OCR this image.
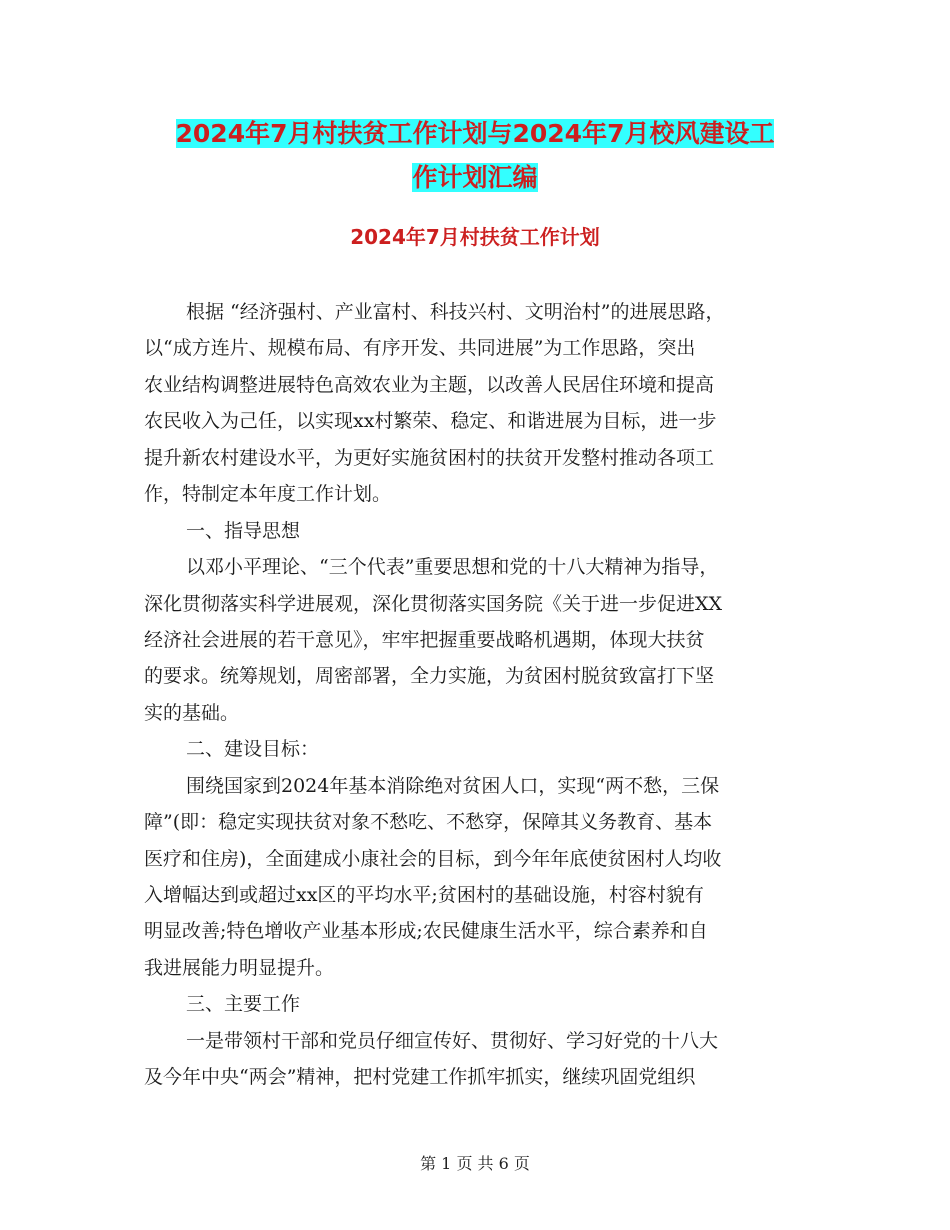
2024年7月村扶贫工作计划与2024年7月校风建设工
作计划汇编
2024年7月村扶贫工作计划
根据 “经济强村、产业富村、科技兴村、文明治村”的进展思路，
以“成方连片、规模布局、有序开发、共同进展”为工作思路，突出
农业结构调整进展特色高效农业为主题，以改善人民居住环境和提高
农民收入为己任，以实现xx村繁荣、稳定、和谐进展为目标，进一步
提升新农村建设水平，为更好实施贫困村的扶贫开发整村推动各项工
作，特制定本年度工作计划。
一、指导思想
以邓小平理论、“三个代表”重要思想和党的十八大精神为指导，
深化贯彻落实科学进展观，深化贯彻落实国务院《关于进一步促进XX
经济社会进展的若干意见》，牢牢把握重要战略机遇期，体现大扶贫
的要求。统筹规划，周密部署，全力实施，为贫困村脱贫致富打下坚
实的基础。
二、建设目标：
围绕国家到2024年基本消除绝对贫困人口，实现“两不愁，三保
障”(即：稳定实现扶贫对象不愁吃、不愁穿，保障其义务教育、基本
医疗和住房)，全面建成小康社会的目标，到今年年底使贫困村人均收
入增幅达到或超过xx区的平均水平;贫困村的基础设施，村容村貌有
明显改善;特色增收产业基本形成;农民健康生活水平，综合素养和自
我进展能力明显提升。
三、主要工作
一是带领村干部和党员仔细宣传好、贯彻好、学习好党的十八大
及今年中央“两会”精神，把村党建工作抓牢抓实，继续巩固党组织
第 1 页 共 6 页
